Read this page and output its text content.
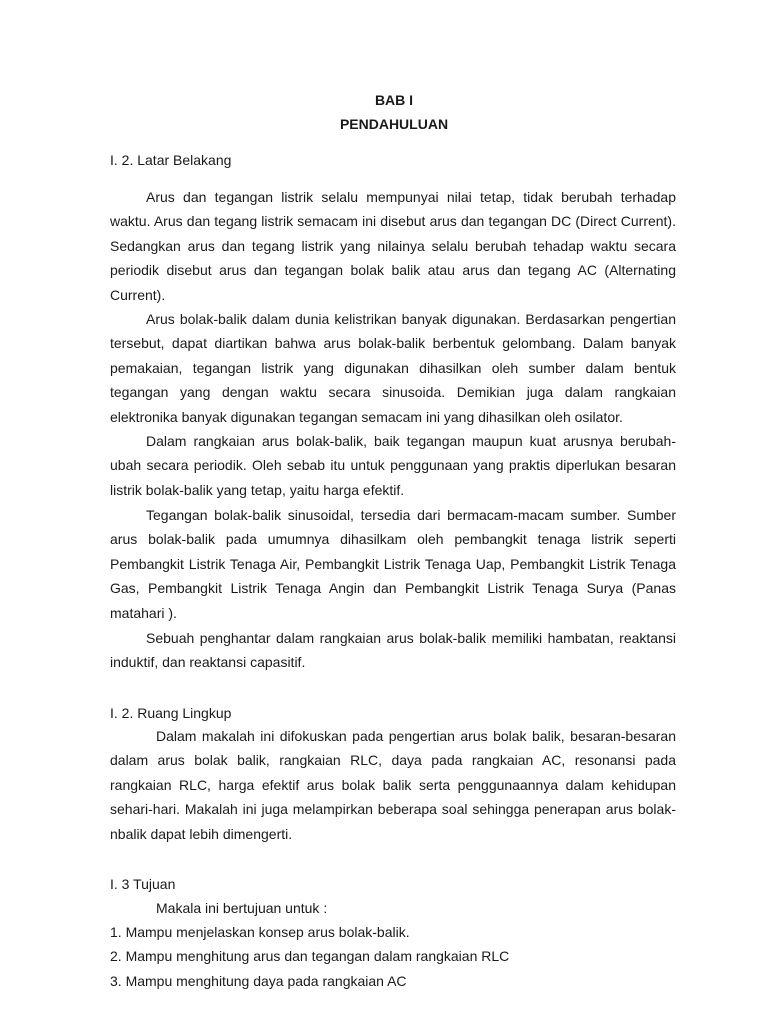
BAB I
PENDAHULUAN
I. 2. Latar Belakang

Arus dan tegangan listrik selalu mempunyai nilai tetap, tidak berubah terhadap waktu. Arus dan tegang listrik semacam ini disebut arus dan tegangan DC (Direct Current). Sedangkan arus dan tegang listrik yang nilainya selalu berubah tehadap waktu secara periodik disebut arus dan tegangan bolak balik atau arus dan tegang AC (Alternating Current).

Arus bolak-balik dalam dunia kelistrikan banyak digunakan. Berdasarkan pengertian tersebut, dapat diartikan bahwa arus bolak-balik berbentuk gelombang. Dalam banyak pemakaian, tegangan listrik yang digunakan dihasilkan oleh sumber dalam bentuk tegangan yang dengan waktu secara sinusoida. Demikian juga dalam rangkaian elektronika banyak digunakan tegangan semacam ini yang dihasilkan oleh osilator.

Dalam rangkaian arus bolak-balik, baik tegangan maupun kuat arusnya berubah-ubah secara periodik. Oleh sebab itu untuk penggunaan yang praktis diperlukan besaran listrik bolak-balik yang tetap, yaitu harga efektif.

Tegangan bolak-balik sinusoidal, tersedia dari bermacam-macam sumber. Sumber arus bolak-balik pada umumnya dihasilkam oleh pembangkit tenaga listrik seperti Pembangkit Listrik Tenaga Air, Pembangkit Listrik Tenaga Uap, Pembangkit Listrik Tenaga Gas, Pembangkit Listrik Tenaga Angin dan Pembangkit Listrik Tenaga Surya (Panas matahari ).

Sebuah penghantar dalam rangkaian arus bolak-balik memiliki hambatan, reaktansi induktif, dan reaktansi capasitif.

I. 2. Ruang Lingkup

Dalam makalah ini difokuskan pada pengertian arus bolak balik, besaran-besaran dalam arus bolak balik, rangkaian RLC, daya pada rangkaian AC, resonansi pada rangkaian RLC, harga efektif arus bolak balik serta penggunaannya dalam kehidupan sehari-hari. Makalah ini juga melampirkan beberapa soal sehingga penerapan arus bolak-nbalik dapat lebih dimengerti.

I. 3 Tujuan

Makala ini bertujuan untuk :

1. Mampu menjelaskan konsep arus bolak-balik.
2. Mampu menghitung arus dan tegangan dalam rangkaian RLC
3. Mampu menghitung daya pada rangkaian AC
